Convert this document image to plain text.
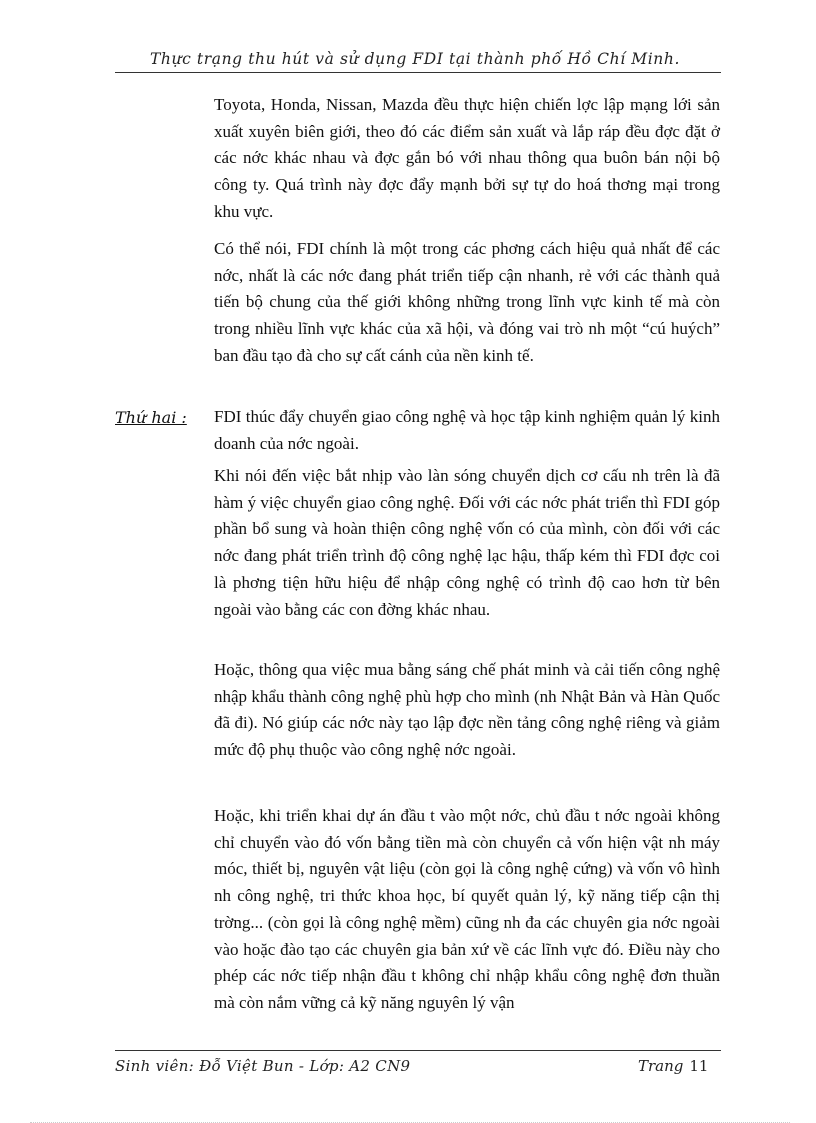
Thực trạng thu hút và sử dụng FDI tại thành phố Hồ Chí Minh.

Toyota, Honda, Nissan, Mazda đều thực hiện chiến lợc lập mạng lới sản xuất xuyên biên giới, theo đó các điểm sản xuất và lắp ráp đều đợc đặt ở các nớc khác nhau và đợc gắn bó với nhau thông qua buôn bán nội bộ công ty. Quá trình này đợc đẩy mạnh bởi sự tự do hoá thơng mại trong khu vực.

Có thể nói, FDI chính là một trong các phơng cách hiệu quả nhất để các nớc, nhất là các nớc đang phát triển tiếp cận nhanh, rẻ với các thành quả tiến bộ chung của thế giới không những trong lĩnh vực kinh tế mà còn trong nhiều lĩnh vực khác của xã hội, và đóng vai trò nh một “cú huých” ban đầu tạo đà cho sự cất cánh của nền kinh tế.

Thứ hai : FDI thúc đẩy chuyển giao công nghệ và học tập kinh nghiệm quản lý kinh doanh của nớc ngoài.

Khi nói đến việc bắt nhịp vào làn sóng chuyển dịch cơ cấu nh trên là đã hàm ý việc chuyển giao công nghệ. Đối với các nớc phát triển thì FDI góp phần bổ sung và hoàn thiện công nghệ vốn có của mình, còn đối với các nớc đang phát triển trình độ công nghệ lạc hậu, thấp kém thì FDI đợc coi là phơng tiện hữu hiệu để nhập công nghệ có trình độ cao hơn từ bên ngoài vào bằng các con đờng khác nhau.

Hoặc, thông qua việc mua bằng sáng chế phát minh và cải tiến công nghệ nhập khẩu thành công nghệ phù hợp cho mình (nh Nhật Bản và Hàn Quốc đã đi). Nó giúp các nớc này tạo lập đợc nền tảng công nghệ riêng và giảm mức độ phụ thuộc vào công nghệ nớc ngoài.

Hoặc, khi triển khai dự án đầu t vào một nớc, chủ đầu t nớc ngoài không chỉ chuyển vào đó vốn bằng tiền mà còn chuyển cả vốn hiện vật nh máy móc, thiết bị, nguyên vật liệu (còn gọi là công nghệ cứng) và vốn vô hình nh công nghệ, tri thức khoa học, bí quyết quản lý, kỹ năng tiếp cận thị trờng... (còn gọi là công nghệ mềm) cũng nh đa các chuyên gia nớc ngoài vào hoặc đào tạo các chuyên gia bản xứ về các lĩnh vực đó. Điều này cho phép các nớc tiếp nhận đầu t không chỉ nhập khẩu công nghệ đơn thuần mà còn nắm vững cả kỹ năng nguyên lý vận

Sinh viên: Đỗ Việt Bun - Lớp: A2 CN9	Trang 11
